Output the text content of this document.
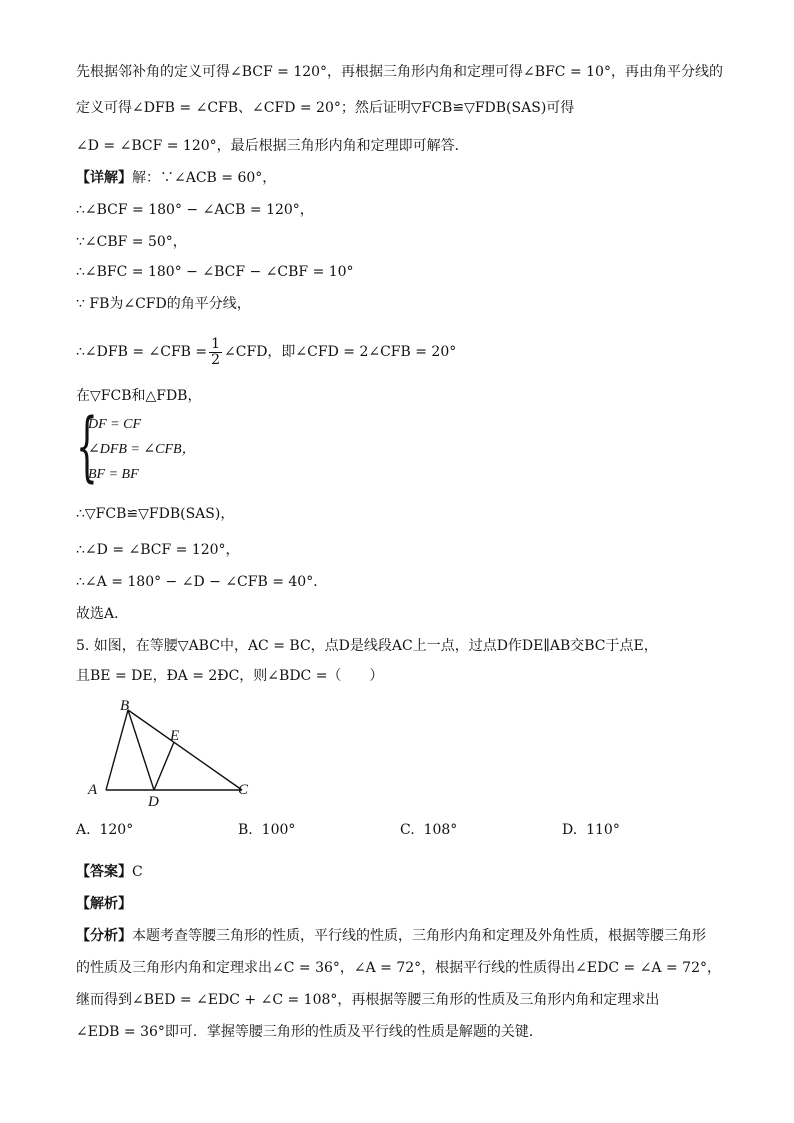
先根据邻补角的定义可得∠BCF = 120°，再根据三角形内角和定理可得∠BFC = 10°，再由角平分线的
定义可得∠DFB = ∠CFB、∠CFD = 20°；然后证明▽FCB≌▽FDB(SAS)可得
∠D = ∠BCF = 120°，最后根据三角形内角和定理即可解答．
【详解】解：∵∠ACB = 60°，
∴∠BCF = 180° − ∠ACB = 120°，
∵∠CBF = 50°，
∴∠BFC = 180° − ∠BCF − ∠CBF = 10°
∵ FB为∠CFD的角平分线，
∴∠DFB = ∠CFB = $\frac{1}{2}$ ∠CFD，即∠CFD = 2∠CFB = 20°
在▽FCB和△FDB，
{
DF = CF
∠DFB = ∠CFB，
BF = BF
∴▽FCB≌▽FDB(SAS)，
∴∠D = ∠BCF = 120°，
∴∠A = 180° − ∠D − ∠CFB = 40°．
故选A．
5. 如图，在等腰▽ABC中，AC = BC，点D是线段AC上一点，过点D作DE∥AB交BC于点E，
且BE = DE，ÐA = 2ÐC，则∠BDC =（　　）
B
E
A
D
C
A. 120°	B. 100°	C. 108°	D. 110°
【答案】C
【解析】
【分析】本题考查等腰三角形的性质，平行线的性质，三角形内角和定理及外角性质，根据等腰三角形
的性质及三角形内角和定理求出∠C = 36°，∠A = 72°，根据平行线的性质得出∠EDC = ∠A = 72°，
继而得到∠BED = ∠EDC + ∠C = 108°，再根据等腰三角形的性质及三角形内角和定理求出
∠EDB = 36°即可．掌握等腰三角形的性质及平行线的性质是解题的关键．
